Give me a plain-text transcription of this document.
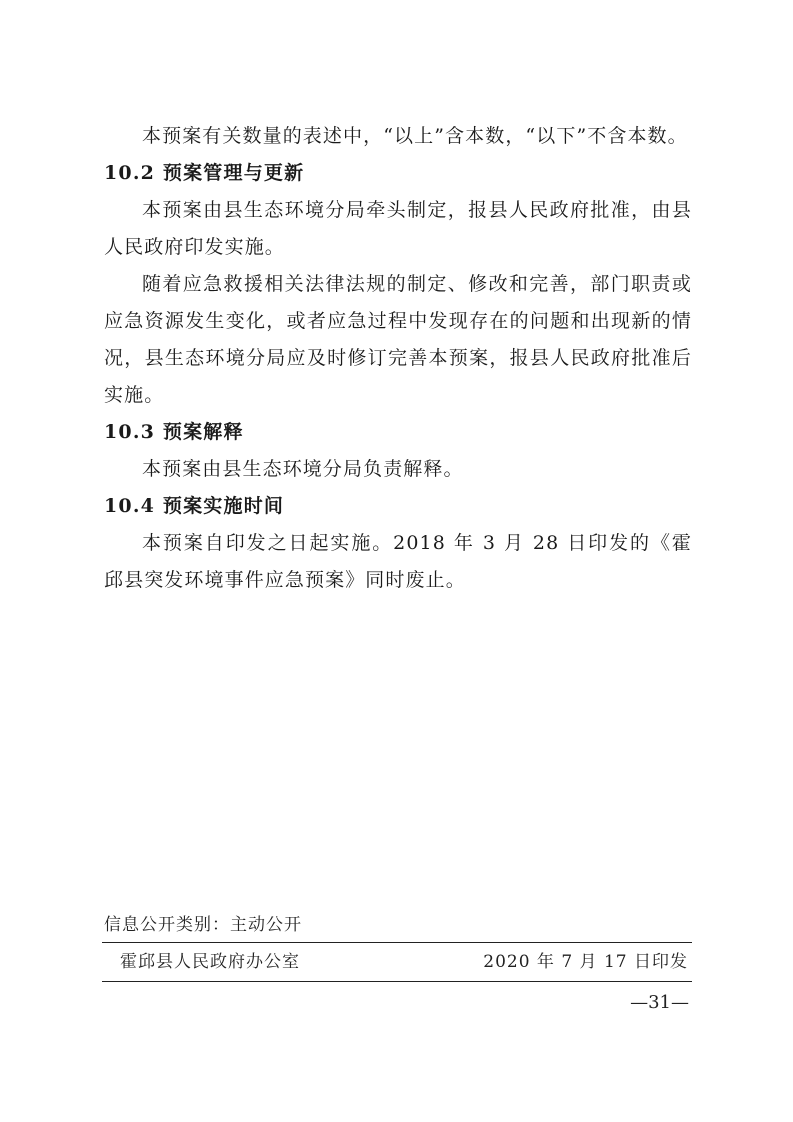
本预案有关数量的表述中，“以上”含本数，“以下”不含本数。

10.2 预案管理与更新

本预案由县生态环境分局牵头制定，报县人民政府批准，由县人民政府印发实施。

随着应急救援相关法律法规的制定、修改和完善，部门职责或应急资源发生变化，或者应急过程中发现存在的问题和出现新的情况，县生态环境分局应及时修订完善本预案，报县人民政府批准后实施。

10.3 预案解释

本预案由县生态环境分局负责解释。

10.4 预案实施时间

本预案自印发之日起实施。2018 年 3 月 28 日印发的《霍邱县突发环境事件应急预案》同时废止。

信息公开类别：主动公开
霍邱县人民政府办公室	2020 年 7 月 17 日印发
—31—
